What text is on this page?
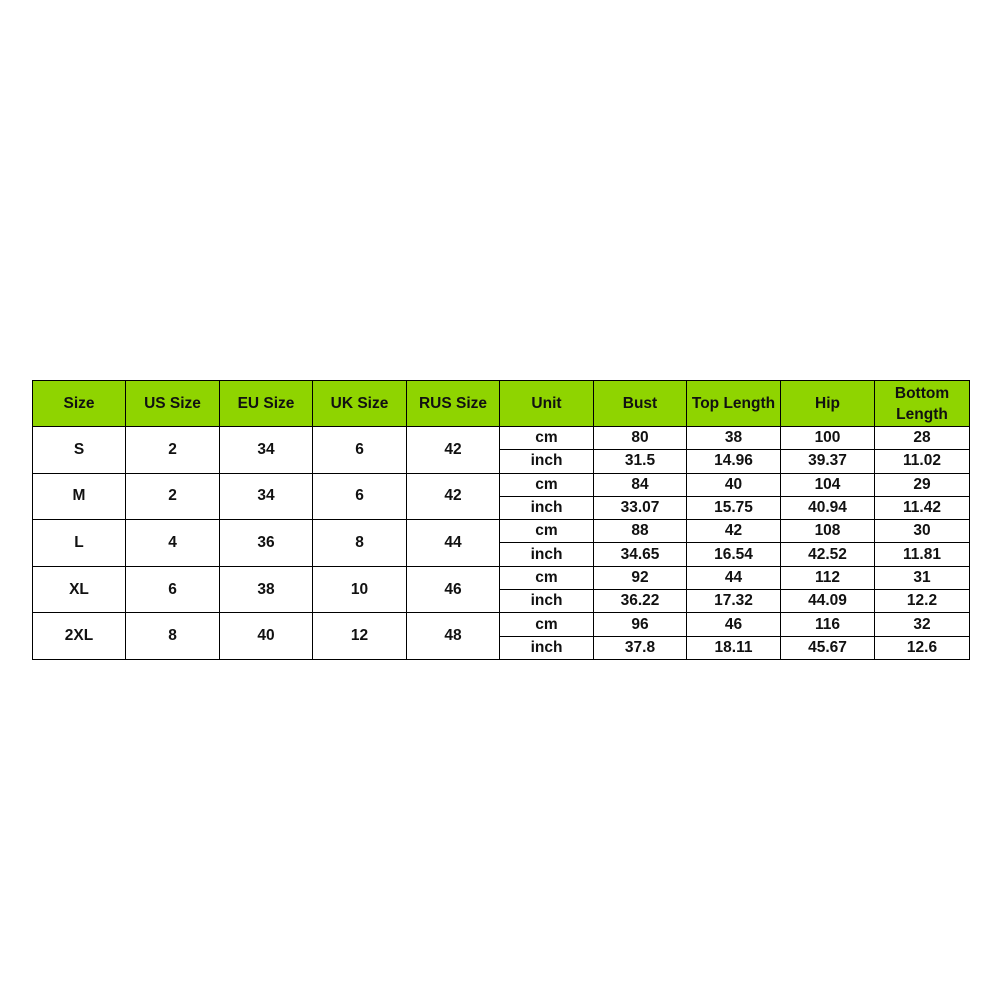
Size	US Size	EU Size	UK Size	RUS Size	Unit	Bust	Top Length	Hip	Bottom Length
S	2	34	6	42	cm	80	38	100	28
					inch	31.5	14.96	39.37	11.02
M	2	34	6	42	cm	84	40	104	29
					inch	33.07	15.75	40.94	11.42
L	4	36	8	44	cm	88	42	108	30
					inch	34.65	16.54	42.52	11.81
XL	6	38	10	46	cm	92	44	112	31
					inch	36.22	17.32	44.09	12.2
2XL	8	40	12	48	cm	96	46	116	32
					inch	37.8	18.11	45.67	12.6
